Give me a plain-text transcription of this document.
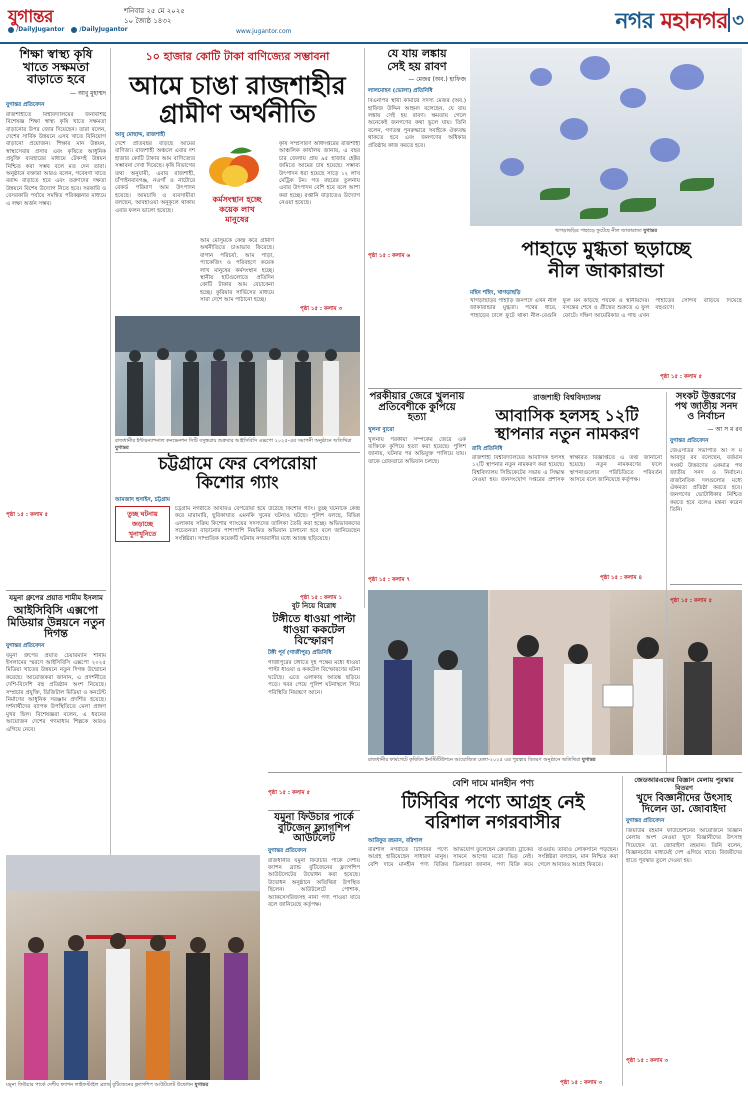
যুগান্তর	শনিবার ২৫ মে ২০২৫
১০ জ্যৈষ্ঠ ১৪৩২
/DailyJugantor	/DailyJugantor	www.jugantor.com	নগর মহানগর ৩
শিক্ষা স্বাস্থ্য কৃষি খাতে সক্ষমতা বাড়াতে হবে
— আবু মুহাম্মদ
যুগান্তর প্রতিবেদন
রাজশাহীতে বিশ্ববিদ্যালয়ের জনবিশিষ্ট বিশেষজ্ঞ শিক্ষা স্বাস্থ্য কৃষি খাতে সক্ষমতা বাড়ানোর উপর জোর দিয়েছেন। তারা বলেন, দেশের সার্বিক উন্নয়নে এসব খাতে বিনিয়োগ বাড়ানো প্রয়োজন। শিক্ষার মান উন্নয়ন, স্বাস্থ্যসেবার প্রসার এবং কৃষিতে আধুনিক প্রযুক্তি ব্যবহারের মাধ্যমে টেকসই উন্নয়ন নিশ্চিত করা সম্ভব বলে মত দেন তারা। অনুষ্ঠানে বক্তারা আরও বলেন, গবেষণা খাতে বরাদ্দ বাড়াতে হবে এবং তরুণদের দক্ষতা উন্নয়নে বিশেষ উদ্যোগ নিতে হবে। সরকারি ও বেসরকারি পর্যায়ে সমন্বিত পরিকল্পনার মাধ্যমে এ লক্ষ্য অর্জন সম্ভব।
পৃষ্ঠা ১৫ : কলাম ৫
যমুনা গ্রুপের প্রয়াত শামীম ইসলাম
আইসিবিসি এক্সপো মিডিয়ার উন্নয়নে নতুন দিগন্ত
যুগান্তর প্রতিবেদন
যমুনা গ্রুপের প্রয়াত চেয়ারম্যান শামীম ইসলামের স্মরণে আইসিবিসি এক্সপো ২০২৫ মিডিয়া খাতের উন্নয়নে নতুন দিগন্ত উন্মোচন করেছে। আয়োজকরা জানান, এ প্রদর্শনীতে দেশি-বিদেশি বহু প্রতিষ্ঠান অংশ নিয়েছে। সম্প্রচার প্রযুক্তি, ডিজিটাল মিডিয়া ও কনটেন্ট নির্মাণের আধুনিক সরঞ্জাম প্রদর্শিত হয়েছে। দর্শনার্থীদের ব্যাপক উপস্থিতিতে মেলা প্রাঙ্গণ মুখর ছিল। বিশেষজ্ঞরা বলেন, এ ধরনের আয়োজন দেশের গণমাধ্যম শিল্পকে আরও এগিয়ে নেবে।
১০ হাজার কোটি টাকা বাণিজ্যের সম্ভাবনা
আমে চাঙা রাজশাহীর
গ্রামীণ অর্থনীতি
আবু মোছাদ্দ, রাজশাহী
দেশে প্রতিবছর বাড়ছে আমের বাণিজ্য। রাজশাহী অঞ্চলে এবার দশ হাজার কোটি টাকার আম বাণিজ্যের সম্ভাবনা দেখা দিয়েছে। কৃষি বিভাগের তথ্য অনুযায়ী, এবার রাজশাহী, চাঁপাইনবাবগঞ্জ, নওগাঁ ও নাটোরে রেকর্ড পরিমাণ আম উৎপাদন হয়েছে। আমচাষি ও ব্যবসায়ীরা বলছেন, আবহাওয়া অনুকূলে থাকায় এবার ফলন ভালো হয়েছে।
কর্মসংস্থান হচ্ছে
কয়েক লাখ
মানুষের
আম মৌসুমকে কেন্দ্র করে গ্রামীণ অর্থনীতিতে চাঙাভাব ফিরেছে। বাগান পরিচর্যা, আম পাড়া, প্যাকেজিং ও পরিবহণে কয়েক লাখ মানুষের কর্মসংস্থান হচ্ছে। স্থানীয় হাটগুলোতে প্রতিদিন কোটি টাকার আম বেচাকেনা হচ্ছে। কুরিয়ার সার্ভিসের মাধ্যমে সারা দেশে আম পাঠানো হচ্ছে।
কৃষি সম্প্রসারণ অধিদপ্তরের রাজশাহী আঞ্চলিক কার্যালয় জানায়, এ বছর চার জেলায় প্রায় ৯৫ হাজার হেক্টর জমিতে আমের চাষ হয়েছে। সম্ভাব্য উৎপাদন ধরা হয়েছে সাড়ে ১২ লাখ মেট্রিক টন। গত বছরের তুলনায় এবার উৎপাদন বেশি হবে বলে আশা করা হচ্ছে। রপ্তানি বাড়াতেও উদ্যোগ নেওয়া হয়েছে।
পৃষ্ঠা ১৫ : কলাম ৩
রাজধানীর ইন্টারন্যাশনাল কনভেনশন সিটি বসুন্ধরায় শুক্রবার আইসিবিসি এক্সপো ২০২৫-এর সমাপনী অনুষ্ঠানে অতিথিরা যুগান্তর
চট্টগ্রামে ফের বেপরোয়া
কিশোর গ্যাং
আমজাদ হুসাইন, চট্টগ্রাম
তুচ্ছ ঘটনায়
জড়াচ্ছে
খুনাখুনিতে
চট্টগ্রাম নগরীতে আবারও বেপরোয়া হয়ে উঠেছে কিশোর গ্যাং। তুচ্ছ ঘটনাকে কেন্দ্র করে মারামারি, ছুরিকাঘাত এমনকি খুনের ঘটনাও ঘটছে। পুলিশ বলছে, বিভিন্ন এলাকায় সক্রিয় কিশোর গ্যাংয়ের সদস্যদের তালিকা তৈরি করা হচ্ছে। অভিভাবকদের সচেতনতা বাড়ানোর পাশাপাশি নিয়মিত অভিযান চালানো হবে বলে জানিয়েছেন সংশ্লিষ্টরা। সাম্প্রতিক কয়েকটি ঘটনায় নগরবাসীর মধ্যে আতঙ্ক ছড়িয়েছে।
পৃষ্ঠা ১৫ : কলাম ১
যমুনা ফিউচার পার্কে দেশীয় ফ্যাশন লাইফস্টাইল ব্র্যান্ড বুটিজেনের ফ্ল্যাগশিপ আউটলেট উদ্বোধন যুগান্তর
বুট নিয়ে বিরোধ
টঙ্গীতে ধাওয়া পাল্টা ধাওয়া ককটেল বিস্ফোরণ
টঙ্গী পূর্ব (গাজীপুর) প্রতিনিধি
গাজীপুরের টঙ্গীতে দুই পক্ষের মধ্যে ধাওয়া পাল্টা ধাওয়া ও ককটেল বিস্ফোরণের ঘটনা ঘটেছে। এতে এলাকায় আতঙ্ক ছড়িয়ে পড়ে। খবর পেয়ে পুলিশ ঘটনাস্থলে গিয়ে পরিস্থিতি নিয়ন্ত্রণে আনে।
পৃষ্ঠা ১৫ : কলাম ৫
যমুনা ফিউচার পার্কে বুটিজেন ফ্ল্যাগশিপ আউটলেট
যুগান্তর প্রতিবেদন
রাজধানীর যমুনা ফিউচার পার্কে দেশীয় ফ্যাশন ব্র্যান্ড বুটিজেনের ফ্ল্যাগশিপ আউটলেটের উদ্বোধন করা হয়েছে। উদ্বোধন অনুষ্ঠানে অতিথিরা উপস্থিত ছিলেন। আউটলেটে পোশাক, অ্যাকসেসরিজসহ নানা পণ্য পাওয়া যাবে বলে জানিয়েছে কর্তৃপক্ষ।
যে যায় লঙ্কায়
সেই হয় রাবণ
— মেজর (অব.) হাফিজ
লালমোহন (ভোলা) প্রতিনিধি
বিএনপির স্থায়ী কমিটির সদস্য মেজর (অব.) হাফিজ উদ্দিন আহমদ বলেছেন, যে যায় লঙ্কায় সেই হয় রাবণ। ক্ষমতায় গেলে অনেকেই জনগণের কথা ভুলে যায়। তিনি বলেন, গণতন্ত্র পুনরুদ্ধারে সবাইকে ঐক্যবদ্ধ থাকতে হবে এবং জনগণের অধিকার প্রতিষ্ঠায় কাজ করতে হবে।
পৃষ্ঠা ১৫ : কলাম ৬
খাগড়াছড়ির পাহাড়ে ফুটেছে নীল জাকারান্ডা যুগান্তর
পাহাড়ে মুগ্ধতা ছড়াচ্ছে
নীল জাকারান্ডা
মহিন শহিদ, খাগড়াছড়ি
খাগড়াছড়ির পাহাড়ি জনপদে এখন নীল জাকারান্ডার মুগ্ধতা। পথের ধারে, পাহাড়ের ঢালে ফুটে থাকা নীল-বেগুনি ফুল মন কাড়ছে পর্যটক ও স্থানীয়দের। বসন্তের শেষে ও গ্রীষ্মের শুরুতে এ ফুল ফোটে। দক্ষিণ আমেরিকার এ গাছ এখন পাহাড়ের সৌন্দর্য বাড়িয়ে দিয়েছে বহুগুণে।
পৃষ্ঠা ১৫ : কলাম ৫
পরকীয়ার জেরে খুলনায় প্রতিবেশীকে কুপিয়ে হত্যা
খুলনা ব্যুরো
খুলনায় পরকীয়া সম্পর্কের জেরে এক ব্যক্তিকে কুপিয়ে হত্যা করা হয়েছে। পুলিশ জানায়, ঘটনার পর অভিযুক্ত পালিয়ে যায়। তাকে গ্রেফতারে অভিযান চলছে।
পৃষ্ঠা ১৫ : কলাম ৭
রাজশাহী বিশ্ববিদ্যালয়
আবাসিক হলসহ ১২টি
স্থাপনার নতুন নামকরণ
রাবি প্রতিনিধি
রাজশাহী বিশ্ববিদ্যালয়ের আবাসিক হলসহ ১২টি স্থাপনার নতুন নামকরণ করা হয়েছে। বিশ্ববিদ্যালয় সিন্ডিকেটের সভায় এ সিদ্ধান্ত নেওয়া হয়। জনসংযোগ দপ্তরের প্রশাসক স্বাক্ষরিত বিজ্ঞপ্তিতে এ তথ্য জানানো হয়েছে। নতুন নামকরণের ফলে স্থাপনাগুলোর পরিচিতিতে পরিবর্তন আসবে বলে জানিয়েছে কর্তৃপক্ষ।
পৃষ্ঠা ১৫ : কলাম ৪
রাজধানীর ফার্মগেটে কৃষিবিদ ইনস্টিটিউশনে আয়োজিত মেলা-২০২৫ এর পুরস্কার বিতরণ অনুষ্ঠানে অতিথিরা যুগান্তর
বেশি দামে মানহীন পণ্য
টিসিবির পণ্যে আগ্রহ নেই
বরিশাল নগরবাসীর
আরিফুর রহমান, বরিশাল
বরিশাল নগরীতে টিসিবির পণ্যে আগ্রহ হারিয়েছেন সাধারণ মানুষ। বেশি দামে মানহীন পণ্য বিক্রির অভিযোগ তুলেছেন ক্রেতারা। ট্রাকের সামনে আগের মতো ভিড় নেই। ডিলাররা জানান, পণ্য বিক্রি কমে যাওয়ায় তারাও লোকসানে পড়ছেন। সংশ্লিষ্টরা বলছেন, মান নিশ্চিত করা গেলে আবারও আগ্রহ ফিরবে।
পৃষ্ঠা ১৫ : কলাম ৩
সংকট উত্তরণের পথ জাতীয় সনদ ও নির্বাচন
— আ স ম রব
যুগান্তর প্রতিবেদন
জেএসডির সভাপতি আ স ম আবদুর রব বলেছেন, বর্তমান সংকট উত্তরণের একমাত্র পথ জাতীয় সনদ ও নির্বাচন। রাজনৈতিক দলগুলোর মধ্যে ঐকমত্য প্রতিষ্ঠা করতে হবে। জনগণের ভোটাধিকার নিশ্চিত করতে হবে বলেও মন্তব্য করেন তিনি।
পৃষ্ঠা ১৫ : কলাম ৫
জেডআরএফের বিজ্ঞান মেলায় পুরস্কার বিতরণ
খুদে বিজ্ঞানীদের উৎসাহ দিলেন ডা. জোবাইদা
যুগান্তর প্রতিবেদন
জিয়াউর রহমান ফাউন্ডেশনের আয়োজনে বিজ্ঞান মেলায় অংশ নেওয়া খুদে বিজ্ঞানীদের উৎসাহ দিয়েছেন ডা. জোবাইদা রহমান। তিনি বলেন, বিজ্ঞানচর্চার মাধ্যমেই দেশ এগিয়ে যাবে। বিজয়ীদের হাতে পুরস্কার তুলে দেওয়া হয়।
পৃষ্ঠা ১৫ : কলাম ৩
